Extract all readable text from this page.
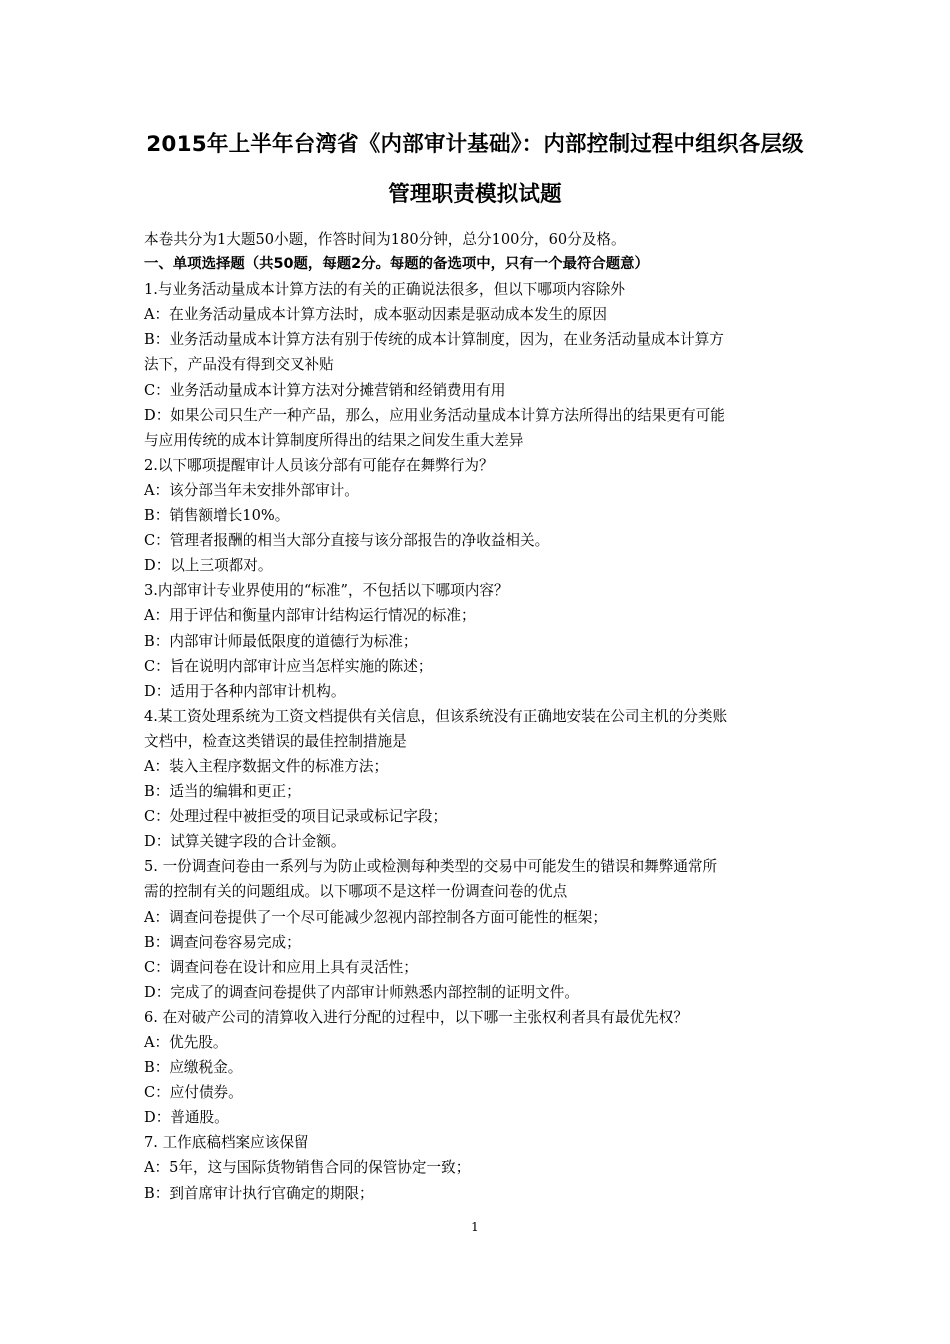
2015年上半年台湾省《内部审计基础》：内部控制过程中组织各层级
管理职责模拟试题
本卷共分为1大题50小题，作答时间为180分钟，总分100分，60分及格。
一、单项选择题（共50题，每题2分。每题的备选项中，只有一个最符合题意）
1.与业务活动量成本计算方法的有关的正确说法很多，但以下哪项内容除外
A：在业务活动量成本计算方法时，成本驱动因素是驱动成本发生的原因
B：业务活动量成本计算方法有别于传统的成本计算制度，因为，在业务活动量成本计算方
法下，产品没有得到交叉补贴
C：业务活动量成本计算方法对分摊营销和经销费用有用
D：如果公司只生产一种产品，那么，应用业务活动量成本计算方法所得出的结果更有可能
与应用传统的成本计算制度所得出的结果之间发生重大差异
2.以下哪项提醒审计人员该分部有可能存在舞弊行为？
A：该分部当年未安排外部审计。
B：销售额增长10%。
C：管理者报酬的相当大部分直接与该分部报告的净收益相关。
D：以上三项都对。
3.内部审计专业界使用的“标准”，不包括以下哪项内容？
A：用于评估和衡量内部审计结构运行情况的标准；
B：内部审计师最低限度的道德行为标准；
C：旨在说明内部审计应当怎样实施的陈述；
D：适用于各种内部审计机构。
4.某工资处理系统为工资文档提供有关信息，但该系统没有正确地安装在公司主机的分类账
文档中，检查这类错误的最佳控制措施是
A：装入主程序数据文件的标准方法；
B：适当的编辑和更正；
C：处理过程中被拒受的项目记录或标记字段；
D：试算关键字段的合计金额。
5. 一份调查问卷由一系列与为防止或检测每种类型的交易中可能发生的错误和舞弊通常所
需的控制有关的问题组成。以下哪项不是这样一份调查问卷的优点
A：调查问卷提供了一个尽可能减少忽视内部控制各方面可能性的框架；
B：调查问卷容易完成；
C：调查问卷在设计和应用上具有灵活性；
D：完成了的调查问卷提供了内部审计师熟悉内部控制的证明文件。
6. 在对破产公司的清算收入进行分配的过程中，以下哪一主张权利者具有最优先权？
A：优先股。
B：应缴税金。
C：应付债券。
D：普通股。
7. 工作底稿档案应该保留
A：5年，这与国际货物销售合同的保管协定一致；
B：到首席审计执行官确定的期限；
1
